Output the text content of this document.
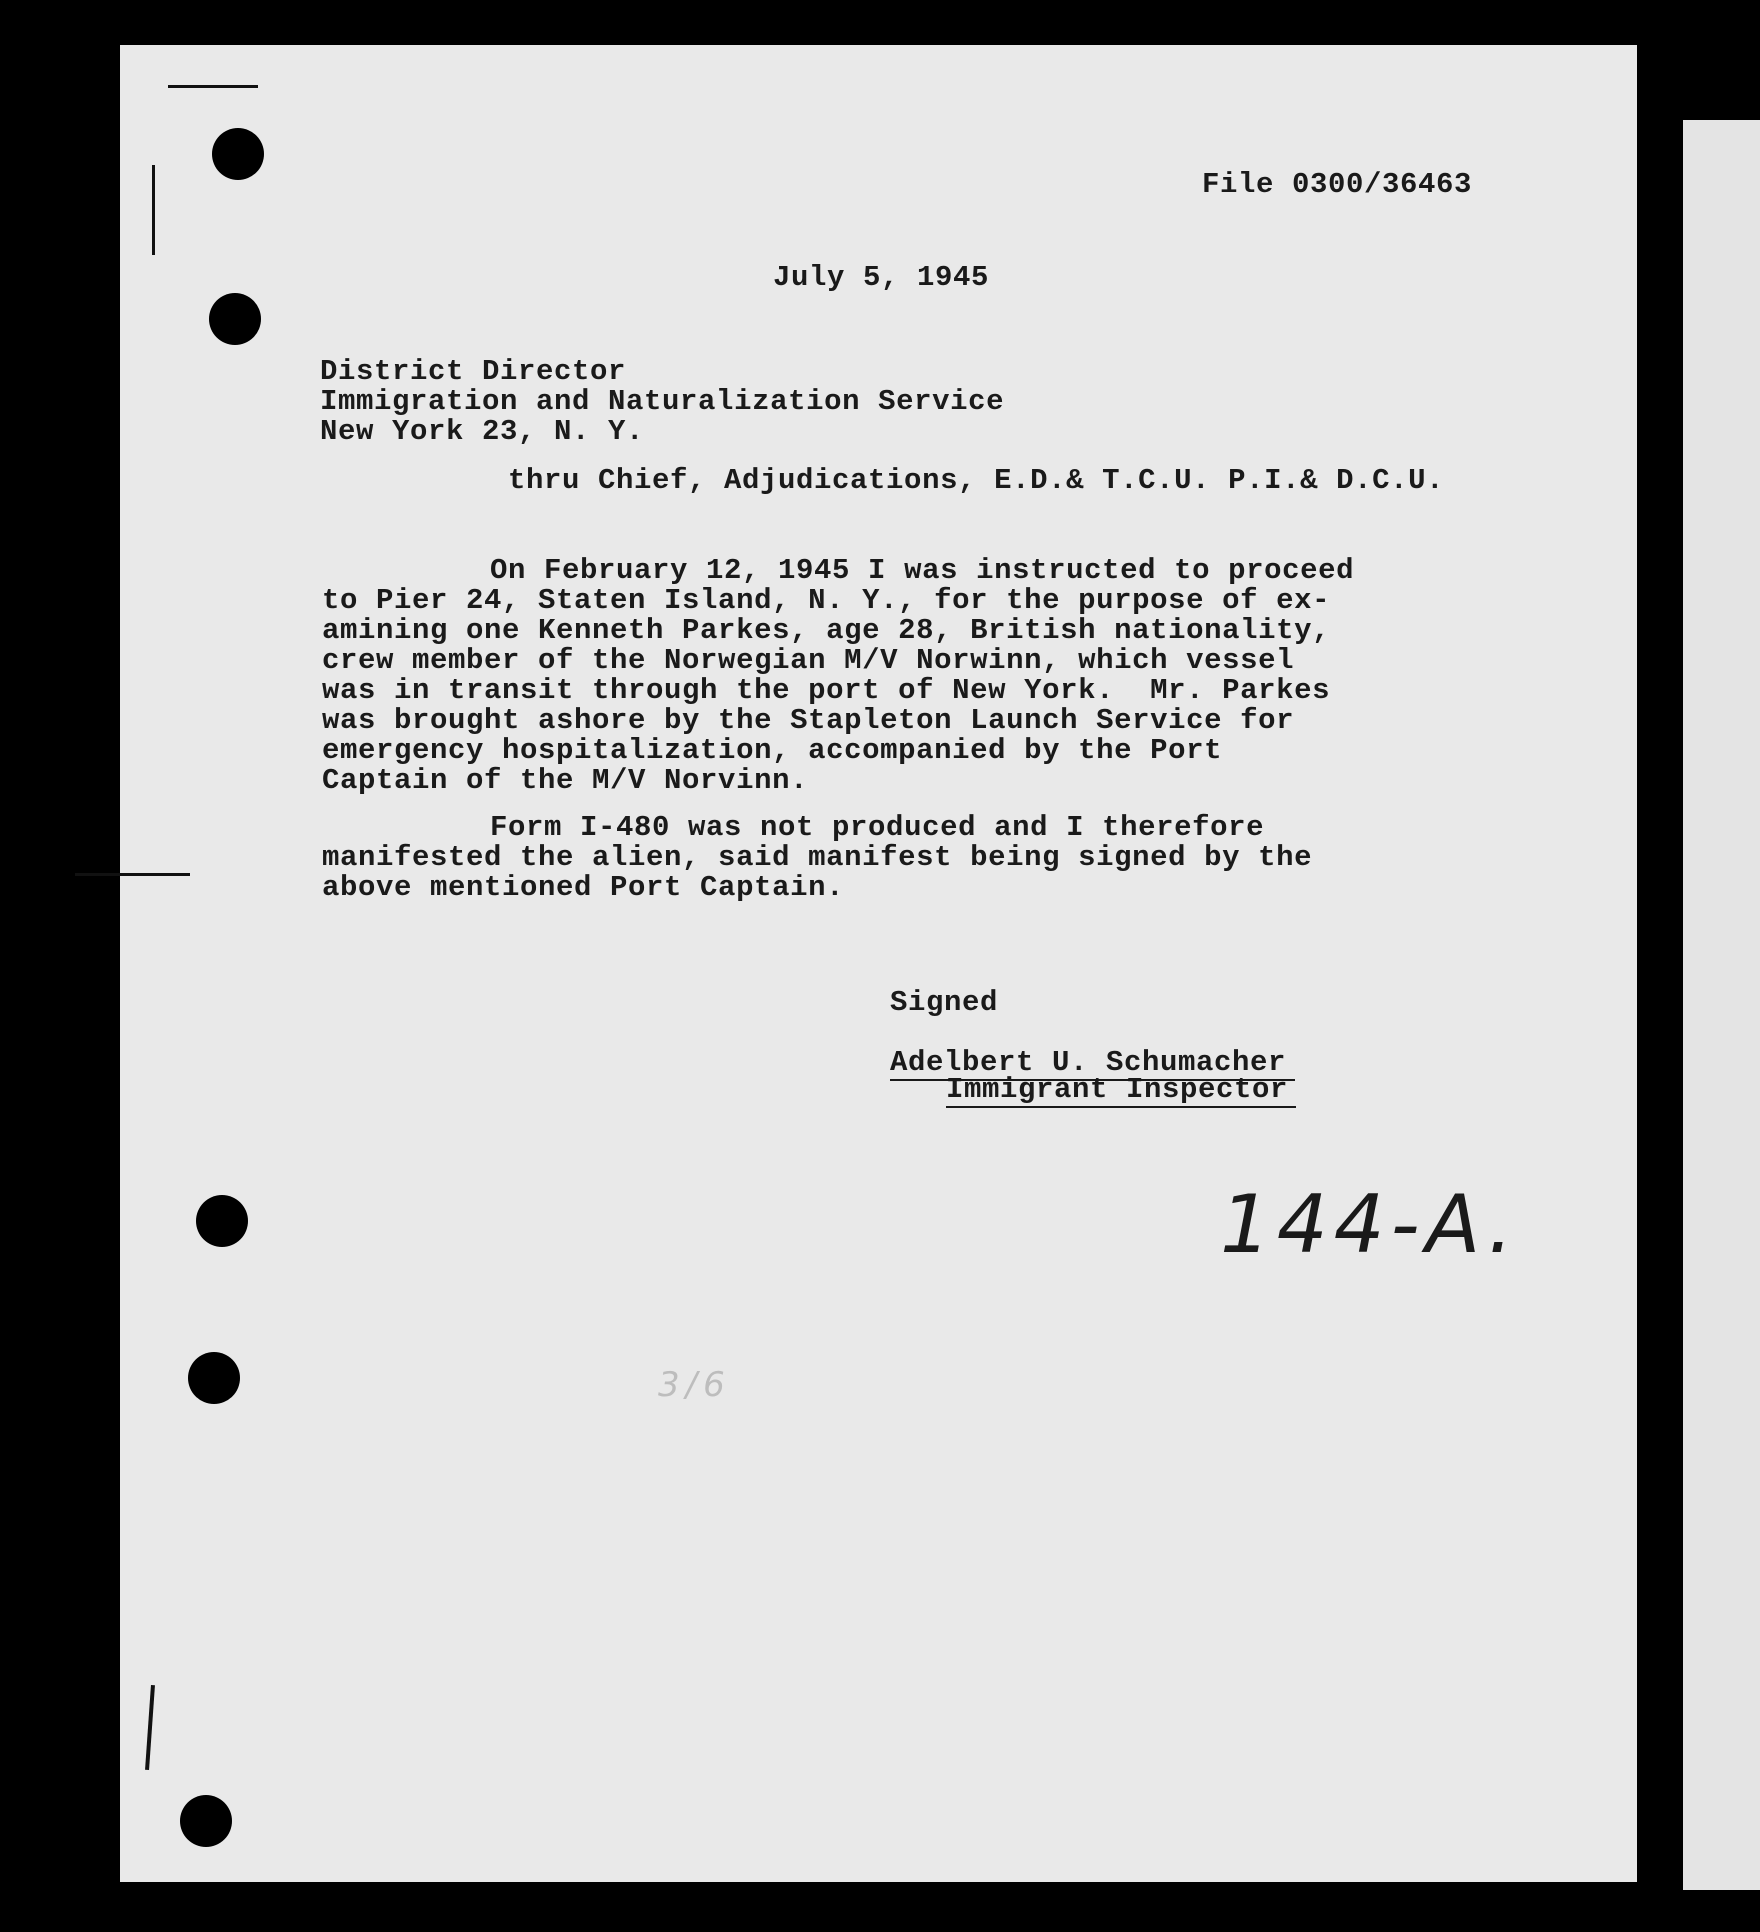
File 0300/36463
July 5, 1945
District Director
Immigration and Naturalization Service
New York 23, N. Y.
thru Chief, Adjudications, E.D.& T.C.U. P.I.& D.C.U.

On February 12, 1945 I was instructed to proceed

to Pier 24, Staten Island, N. Y., for the purpose of ex-

amining one Kenneth Parkes, age 28, British nationality,

crew member of the Norwegian M/V Norwinn, which vessel

was in transit through the port of New York.  Mr. Parkes

was brought ashore by the Stapleton Launch Service for

emergency hospitalization, accompanied by the Port

Captain of the M/V Norvinn.

Form I-480 was not produced and I therefore

manifested the alien, said manifest being signed by the

above mentioned Port Captain.

Signed
Adelbert U. Schumacher
Immigrant Inspector
144-A.
3/6
